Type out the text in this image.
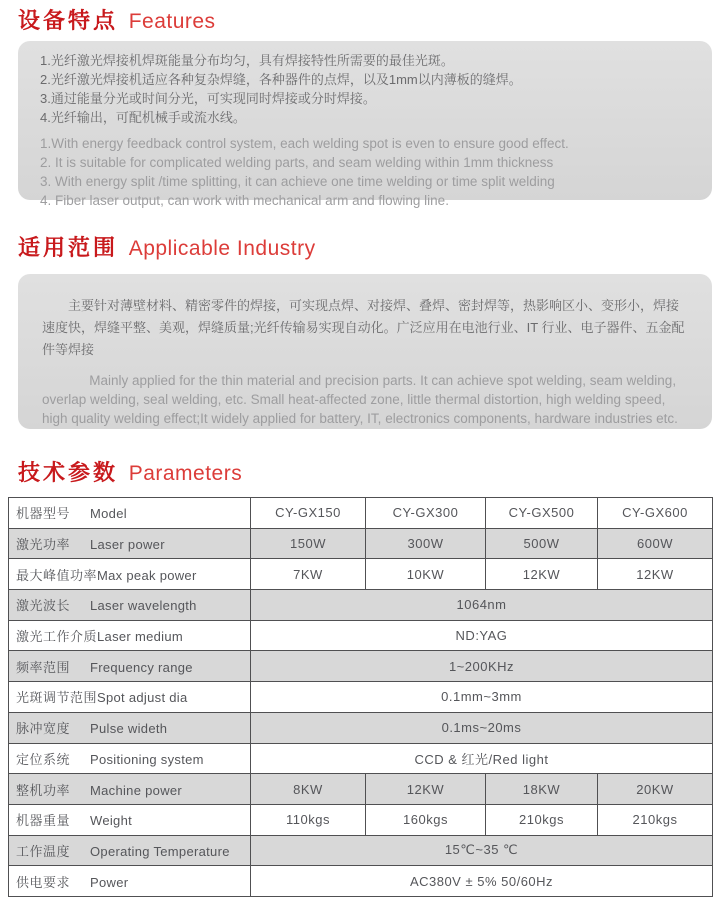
设备特点 Features
1.光纤激光焊接机焊斑能量分布均匀，具有焊接特性所需要的最佳光斑。
2.光纤激光焊接机适应各种复杂焊缝，各种器件的点焊，以及1mm以内薄板的缝焊。
3.通过能量分光或时间分光，可实现同时焊接或分时焊接。
4.光纤输出，可配机械手或流水线。
1.With energy feedback control system, each welding spot is even to ensure good effect.
2. It is suitable for complicated welding parts, and seam welding within 1mm thickness
3. With energy split /time splitting, it can achieve one time welding or time split welding
4. Fiber laser output, can work with mechanical arm and flowing line.
适用范围 Applicable Industry

主要针对薄壁材料、精密零件的焊接，可实现点焊、对接焊、叠焊、密封焊等，热影响区小、变形小，焊接速度快，焊缝平整、美观，焊缝质量;光纤传输易实现自动化。广泛应用在电池行业、IT 行业、电子器件、五金配件等焊接

Mainly applied for the thin material and precision parts. It can achieve spot welding, seam welding, overlap welding, seal welding, etc. Small heat-affected zone, little thermal distortion, high welding speed, high quality welding effect;It widely applied for battery, IT, electronics components, hardware industries etc.

技术参数 Parameters
机器型号 Model	CY-GX150	CY-GX300	CY-GX500	CY-GX600
激光功率 Laser power	150W	300W	500W	600W
最大峰值功率Max peak power	7KW	10KW	12KW	12KW
激光波长 Laser wavelength	1064nm			
激光工作介质Laser medium	ND:YAG			
频率范围 Frequency range	1~200KHz			
光斑调节范围Spot adjust dia	0.1mm~3mm			
脉冲宽度 Pulse wideth	0.1ms~20ms			
定位系统 Positioning system	CCD & 红光/Red light			
整机功率 Machine power	8KW	12KW	18KW	20KW
机器重量 Weight	110kgs	160kgs	210kgs	210kgs
工作温度 Operating Temperature	15℃~35 ℃			
供电要求 Power	AC380V ± 5% 50/60Hz			
